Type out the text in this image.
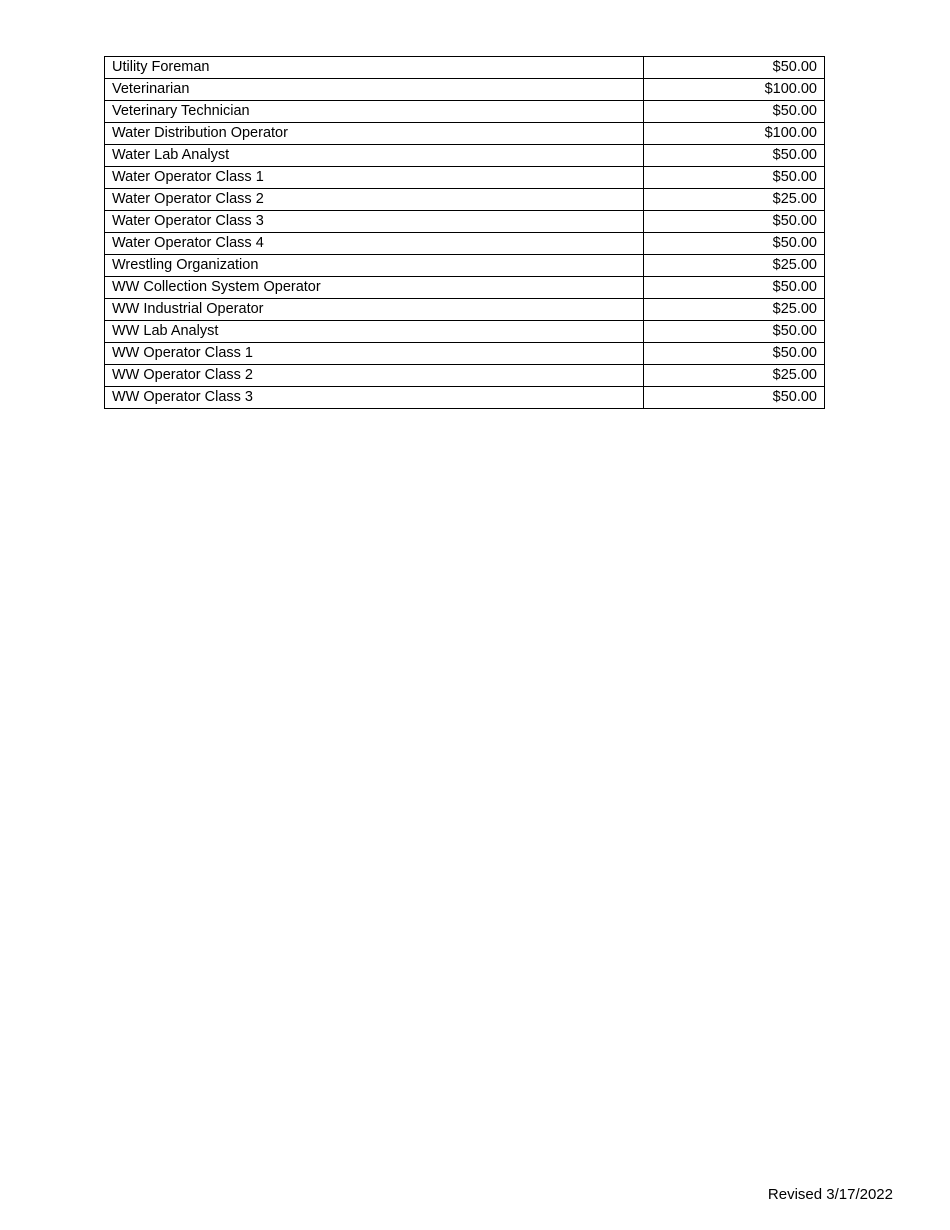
Utility Foreman	$50.00
Veterinarian	$100.00
Veterinary Technician	$50.00
Water Distribution Operator	$100.00
Water Lab Analyst	$50.00
Water Operator Class 1	$50.00
Water Operator Class 2	$25.00
Water Operator Class 3	$50.00
Water Operator Class 4	$50.00
Wrestling Organization	$25.00
WW Collection System Operator	$50.00
WW Industrial Operator	$25.00
WW Lab Analyst	$50.00
WW Operator Class 1	$50.00
WW Operator Class 2	$25.00
WW Operator Class 3	$50.00
Revised 3/17/2022
